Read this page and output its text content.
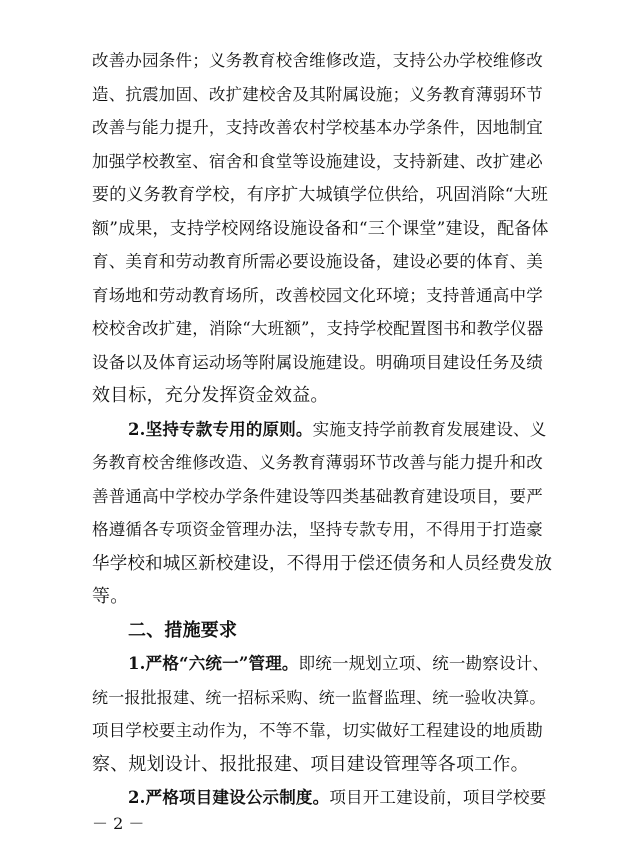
改善办园条件；义务教育校舍维修改造，支持公办学校维修改
造、抗震加固、改扩建校舍及其附属设施；义务教育薄弱环节
改善与能力提升，支持改善农村学校基本办学条件，因地制宜
加强学校教室、宿舍和食堂等设施建设，支持新建、改扩建必
要的义务教育学校，有序扩大城镇学位供给，巩固消除“大班
额”成果，支持学校网络设施设备和“三个课堂”建设，配备体
育、美育和劳动教育所需必要设施设备，建设必要的体育、美
育场地和劳动教育场所，改善校园文化环境；支持普通高中学
校校舍改扩建，消除“大班额”，支持学校配置图书和教学仪器
设备以及体育运动场等附属设施建设。明确项目建设任务及绩
效目标，充分发挥资金效益。
2.坚持专款专用的原则。实施支持学前教育发展建设、义
务教育校舍维修改造、义务教育薄弱环节改善与能力提升和改
善普通高中学校办学条件建设等四类基础教育建设项目，要严
格遵循各专项资金管理办法，坚持专款专用，不得用于打造豪
华学校和城区新校建设，不得用于偿还债务和人员经费发放
等。
二、措施要求
1.严格“六统一”管理。即统一规划立项、统一勘察设计、
统一报批报建、统一招标采购、统一监督监理、统一验收决算。
项目学校要主动作为，不等不靠，切实做好工程建设的地质勘
察、规划设计、报批报建、项目建设管理等各项工作。
2.严格项目建设公示制度。项目开工建设前，项目学校要
－ 2 －
